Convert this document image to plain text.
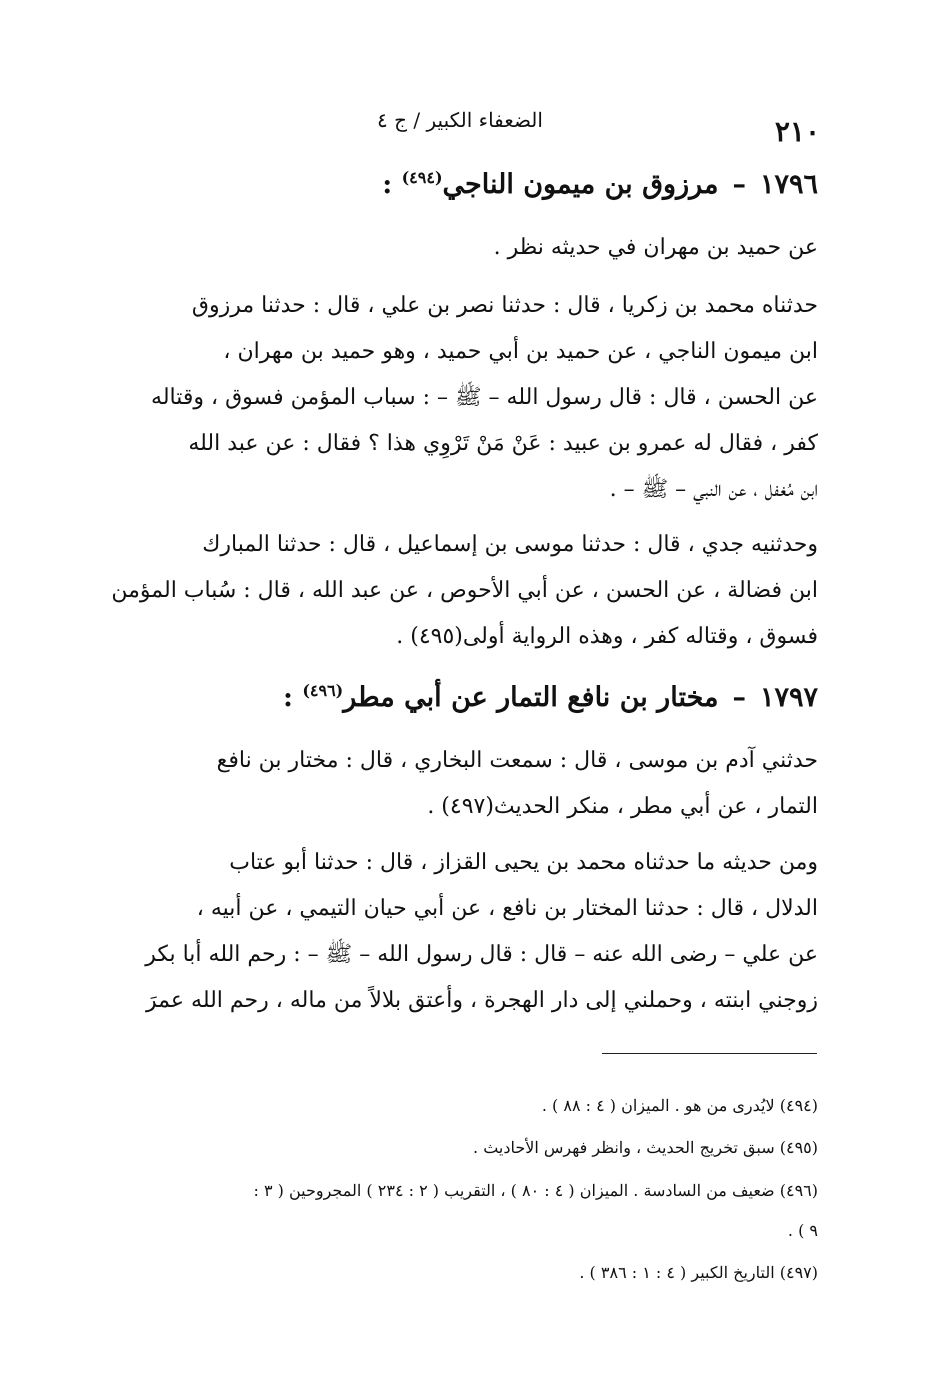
الضعفاء الكبير / ج ٤	٢١٠
١٧٩٦–مرزوق بن ميمون الناجي$^{(٤٩٤)}$ :
عن حميد بن مهران في حديثه نظر .
حدثناه محمد بن زكريا ، قال : حدثنا نصر بن علي ، قال : حدثنا مرزوق
ابن ميمون الناجي ، عن حميد بن أبي حميد ، وهو حميد بن مهران ،
عن الحسن ، قال : قال رسول الله – ﷺ – : سباب المؤمن فسوق ، وقتاله
كفر ، فقال له عمرو بن عبيد : عَنْ مَنْ تَرْوِي هذا ؟ فقال : عن عبد الله
ابن مُغفل ، عن النبي – ﷺ – .
وحدثنيه جدي ، قال : حدثنا موسى بن إسماعيل ، قال : حدثنا المبارك
ابن فضالة ، عن الحسن ، عن أبي الأحوص ، عن عبد الله ، قال : سُباب المؤمن
فسوق ، وقتاله كفر ، وهذه الرواية أولى(٤٩٥) .
١٧٩٧–مختار بن نافع التمار عن أبي مطر$^{(٤٩٦)}$ :
حدثني آدم بن موسى ، قال : سمعت البخاري ، قال : مختار بن نافع
التمار ، عن أبي مطر ، منكر الحديث(٤٩٧) .
ومن حديثه ما حدثناه محمد بن يحيى القزاز ، قال : حدثنا أبو عتاب
الدلال ، قال : حدثنا المختار بن نافع ، عن أبي حيان التيمي ، عن أبيه ،
عن علي – رضى الله عنه – قال : قال رسول الله – ﷺ – : رحم الله أبا بكر
زوجني ابنته ، وحملني إلى دار الهجرة ، وأعتق بلالاً من ماله ، رحم الله عمرَ
(٤٩٤) لايُدرى من هو . الميزان ( ٤ : ٨٨ ) .
(٤٩٥) سبق تخريج الحديث ، وانظر فهرس الأحاديث .
(٤٩٦) ضعيف من السادسة . الميزان ( ٤ : ٨٠ ) ، التقريب ( ٢ : ٢٣٤ ) المجروحين ( ٣ :
٩ ) .
(٤٩٧) التاريخ الكبير ( ٤ : ١ : ٣٨٦ ) .
